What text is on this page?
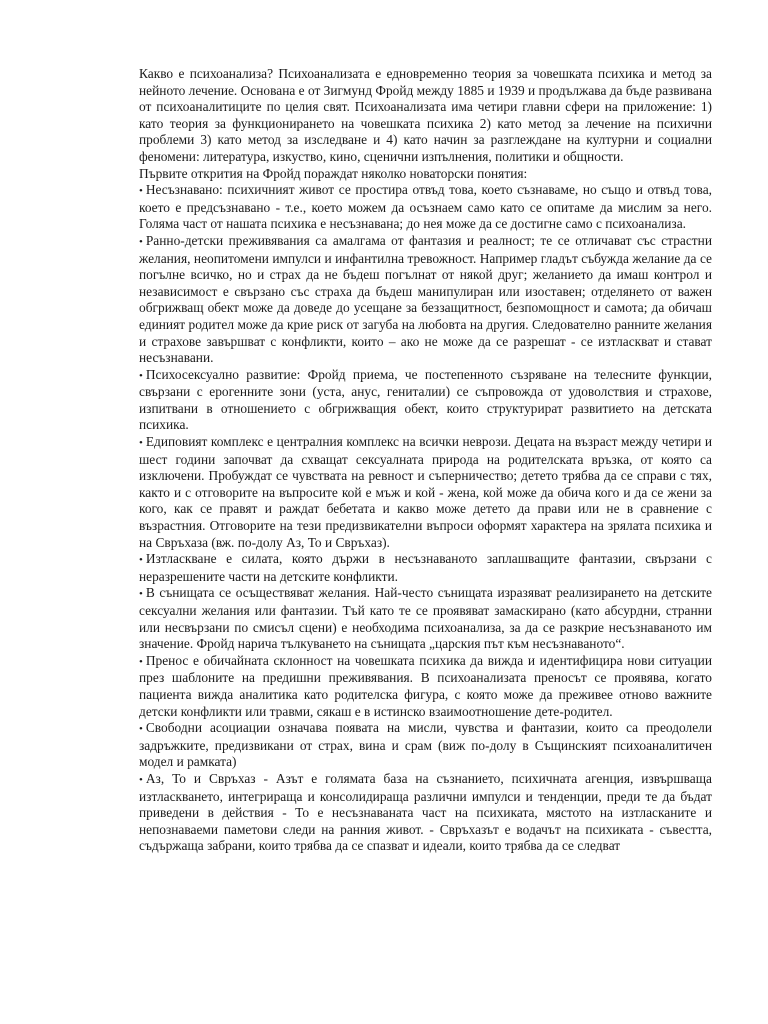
Какво е психоанализа? Психоанализата е едновременно теория за човешката психика и метод за нейното лечение. Основана е от Зигмунд Фройд между 1885 и 1939 и продължава да бъде развивана от психоаналитиците по целия свят. Психоанализата има четири главни сфери на приложение: 1) като теория за функционирането на човешката психика 2) като метод за лечение на психични проблеми 3) като метод за изследване и 4) като начин за разглеждане на културни и социални феномени: литература, изкуство, кино, сценични изпълнения, политики и общности.

Първите открития на Фройд пораждат няколко новаторски понятия:

• Несъзнавано: психичният живот се простира отвъд това, което съзнаваме, но също и отвъд това, което е предсъзнавано - т.е., което можем да осъзнаем само като се опитаме да мислим за него. Голяма част от нашата психика е несъзнавана; до нея може да се достигне само с психоанализа.

• Ранно-детски преживявания са амалгама от фантазия и реалност; те се отличават със страстни желания, неопитомени импулси и инфантилна тревожност. Например гладът събужда желание да се погълне всичко, но и страх да не бъдеш погълнат от някой друг; желанието да имаш контрол и независимост е свързано със страха да бъдеш манипулиран или изоставен; отделянето от важен обгрижващ обект може да доведе до усещане за беззащитност, безпомощност и самота; да обичаш единият родител може да крие риск от загуба на любовта на другия. Следователно ранните желания и страхове завършват с конфликти, които – ако не може да се разрешат - се изтласкват и стават несъзнавани.

• Психосексуално развитие: Фройд приема, че постепенното съзряване на телесните функции, свързани с ерогенните зони (уста, анус, гениталии) се съпровожда от удоволствия и страхове, изпитвани в отношението с обгрижващия обект, които структурират развитието на детската психика.

• Едиповият комплекс е централния комплекс на всички неврози. Децата на възраст между четири и шест години започват да схващат сексуалната природа на родителската връзка, от която са изключени. Пробуждат се чувствата на ревност и съперничество; детето трябва да се справи с тях, както и с отговорите на въпросите кой е мъж и кой - жена, кой може да обича кого и да се жени за кого, как се правят и раждат бебетата и какво може детето да прави или не в сравнение с възрастния. Отговорите на тези предизвикателни въпроси оформят характера на зрялата психика и на Свръхаза (вж. по-долу Аз, То и Свръхаз).

• Изтласкване е силата, която държи в несъзнаваното заплашващите фантазии, свързани с неразрешените части на детските конфликти.

• В сънищата се осъществяват желания. Най-често сънищата изразяват реализирането на детските сексуални желания или фантазии. Тъй като те се проявяват замаскирано (като абсурдни, странни или несвързани по смисъл сцени) е необходима психоанализа, за да се разкрие несъзнаваното им значение. Фройд нарича тълкуването на сънищата „царския път към несъзнаваното“.

• Пренос е обичайната склонност на човешката психика да вижда и идентифицира нови ситуации през шаблоните на предишни преживявания. В психоанализата преносът се проявява, когато пациента вижда аналитика като родителска фигура, с която може да преживее отново важните детски конфликти или травми, сякаш е в истинско взаимоотношение дете-родител.

• Свободни асоциации означава появата на мисли, чувства и фантазии, които са преодолели задръжките, предизвикани от страх, вина и срам (виж по-долу в Същинският психоаналитичен модел и рамката)

• Аз, То и Свръхаз - Азът е голямата база на съзнанието, психичната агенция, извършваща изтласкването, интегрираща и консолидираща различни импулси и тенденции, преди те да бъдат приведени в действия - То е несъзнаваната част на психиката, мястото на изтласканите и непознаваеми паметови следи на ранния живот. - Свръхазът е водачът на психиката - съвестта, съдържаща забрани, които трябва да се спазват и идеали, които трябва да се следват
